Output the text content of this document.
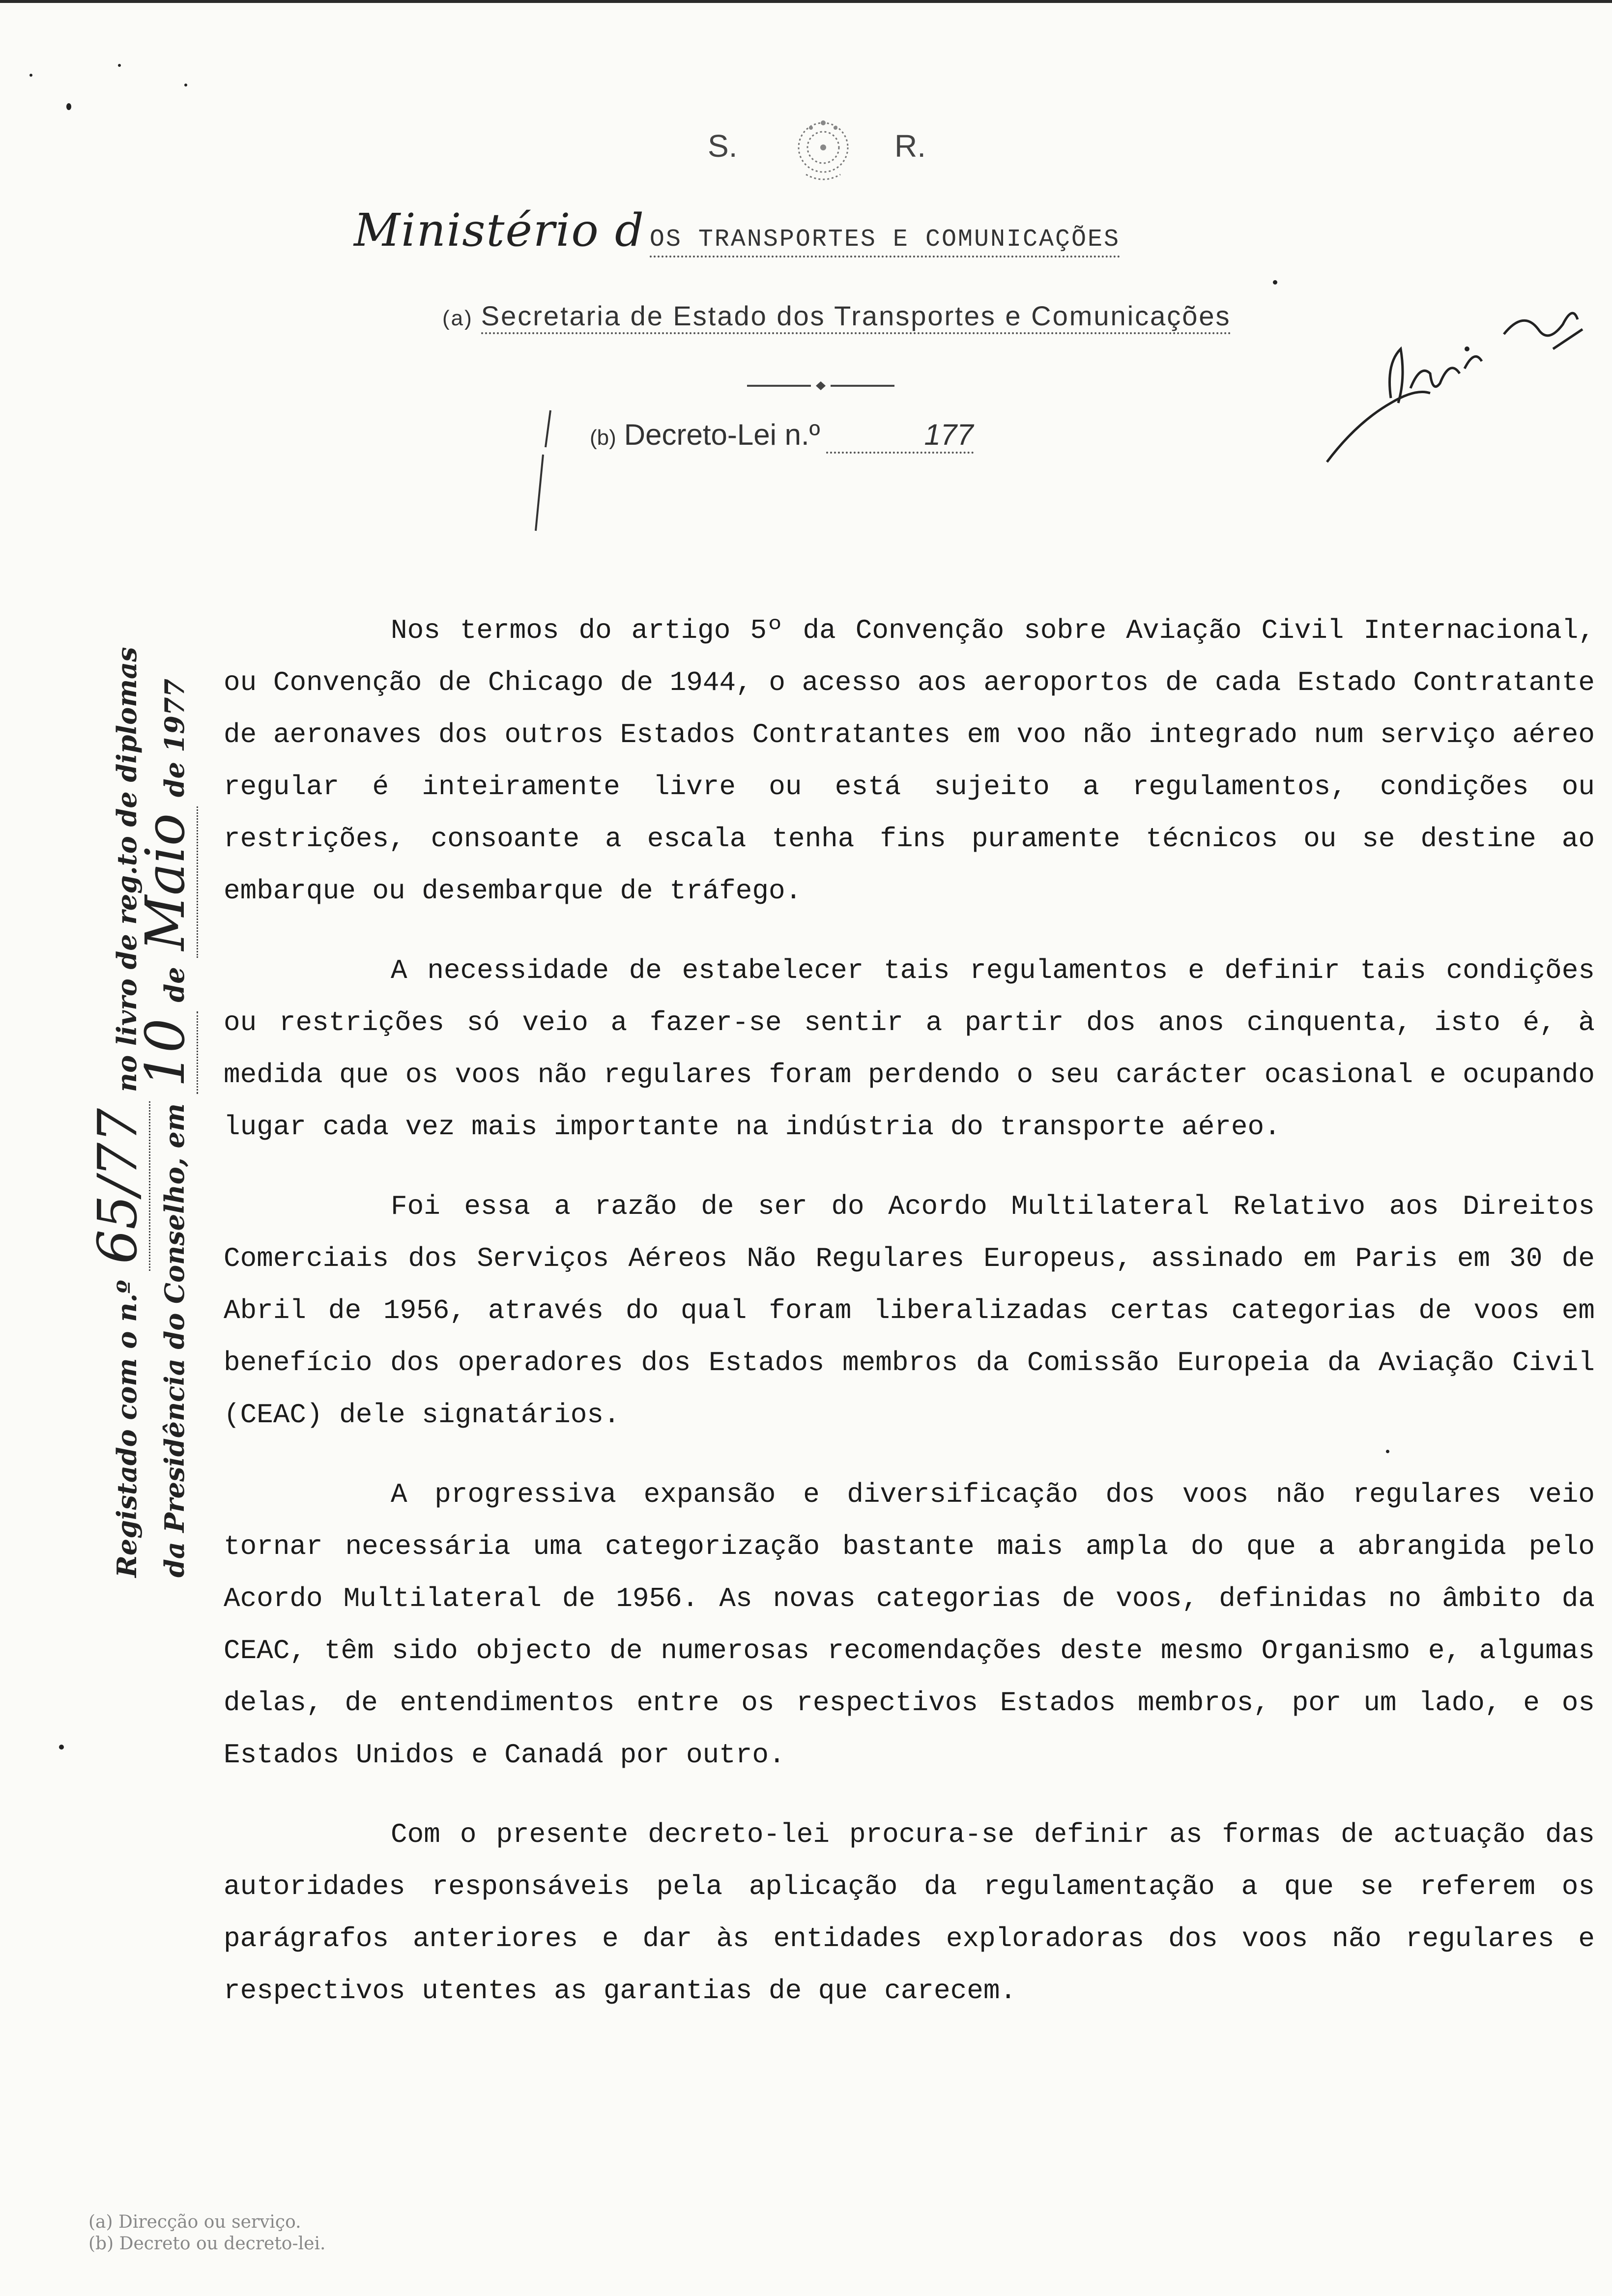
S.	R.
Ministério d OS TRANSPORTES E COMUNICAÇÕES
(a) Secretaria de Estado dos Transportes e Comunicações
(b) Decreto-Lei n.º	177
Registado com o n.º 65/77 no livro de reg.to de diplomas
da Presidência do Conselho, em 10 de Maio de 1977

Nos termos do artigo 5º da Convenção sobre Aviação Civil Internacional, ou Convenção de Chicago de 1944, o acesso aos aeroportos de cada Estado Contratante de aeronaves dos outros Estados Contratantes em voo não integrado num serviço aéreo regular é inteiramente livre ou está sujeito a regulamentos, condições ou restrições, consoante a escala tenha fins puramente técnicos ou se destine ao embarque ou desembarque de tráfego.

A necessidade de estabelecer tais regulamentos e definir tais condições ou restrições só veio a fazer-se sentir a partir dos anos cinquenta, isto é, à medida que os voos não regulares foram perdendo o seu carácter ocasional e ocupando lugar cada vez mais importante na indústria do transporte aéreo.

Foi essa a razão de ser do Acordo Multilateral Relativo aos Direitos Comerciais dos Serviços Aéreos Não Regulares Europeus, assinado em Paris em 30 de Abril de 1956, através do qual foram liberalizadas certas categorias de voos em benefício dos operadores dos Estados membros da Comissão Europeia da Aviação Civil (CEAC) dele signatários.

A progressiva expansão e diversificação dos voos não regulares veio tornar necessária uma categorização bastante mais ampla do que a abrangida pelo Acordo Multilateral de 1956. As novas categorias de voos, definidas no âmbito da CEAC, têm sido objecto de numerosas recomendações deste mesmo Organismo e, algumas delas, de entendimentos entre os respectivos Estados membros, por um lado, e os Estados Unidos e Canadá por outro.

Com o presente decreto-lei procura-se definir as formas de actuação das autoridades responsáveis pela aplicação da regulamentação a que se referem os parágrafos anteriores e dar às entidades exploradoras dos voos não regulares e respectivos utentes as garantias de que carecem.

(a) Direcção ou serviço.
(b) Decreto ou decreto-lei.
